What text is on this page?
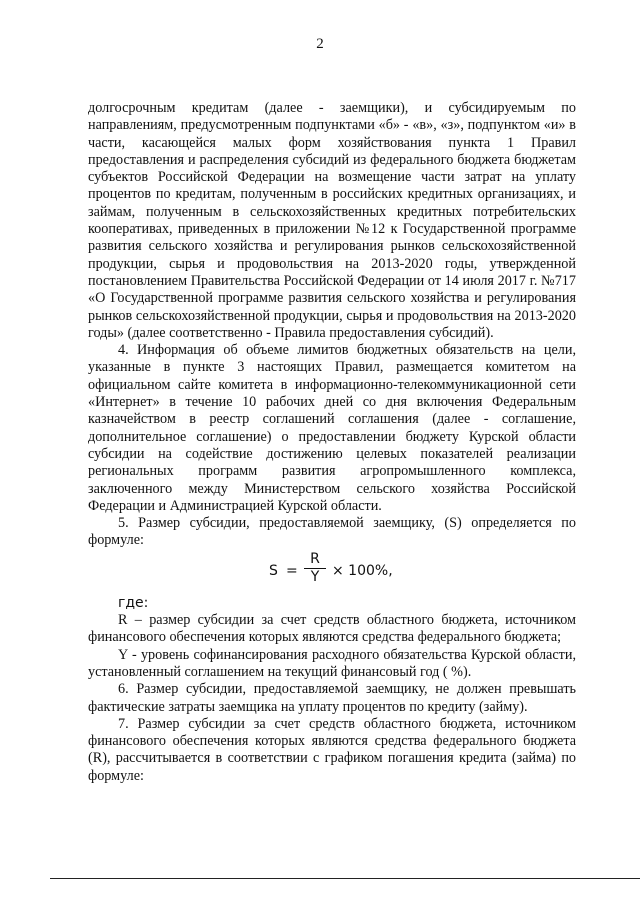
2

долгосрочным кредитам (далее - заемщики), и субсидируемым по направлениям, предусмотренным подпунктами «б» - «в», «з», подпунктом «и» в части, касающейся малых форм хозяйствования пункта 1 Правил предоставления и распределения субсидий из федерального бюджета бюджетам субъектов Российской Федерации на возмещение части затрат на уплату процентов по кредитам, полученным в российских кредитных организациях, и займам, полученным в сельскохозяйственных кредитных потребительских кооперативах, приведенных в приложении №12 к Государственной программе развития сельского хозяйства и регулирования рынков сельскохозяйственной продукции, сырья и продовольствия на 2013-2020 годы, утвержденной постановлением Правительства Российской Федерации от 14 июля 2017 г. №717 «О Государственной программе развития сельского хозяйства и регулирования рынков сельскохозяйственной продукции, сырья и продовольствия на 2013-2020 годы» (далее соответственно - Правила предоставления субсидий).

4. Информация об объеме лимитов бюджетных обязательств на цели, указанные в пункте 3 настоящих Правил, размещается комитетом на официальном сайте комитета в информационно-телекоммуникационной сети «Интернет» в течение 10 рабочих дней со дня включения Федеральным казначейством в реестр соглашений соглашения (далее - соглашение, дополнительное соглашение) о предоставлении бюджету Курской области субсидии на содействие достижению целевых показателей реализации региональных программ развития агропромышленного комплекса, заключенного между Министерством сельского хозяйства Российской Федерации и Администрацией Курской области.

5. Размер субсидии, предоставляемой заемщику, (S) определяется по формуле:

S =
R
Y × 100%,

где:

R – размер субсидии за счет средств областного бюджета, источником финансового обеспечения которых являются средства федерального бюджета;

Y - уровень софинансирования расходного обязательства Курской области, установленный соглашением на текущий финансовый год ( %).

6. Размер субсидии, предоставляемой заемщику, не должен превышать фактические затраты заемщика на уплату процентов по кредиту (займу).

7. Размер субсидии за счет средств областного бюджета, источником финансового обеспечения которых являются средства федерального бюджета (R), рассчитывается в соответствии с графиком погашения кредита (займа) по формуле:
